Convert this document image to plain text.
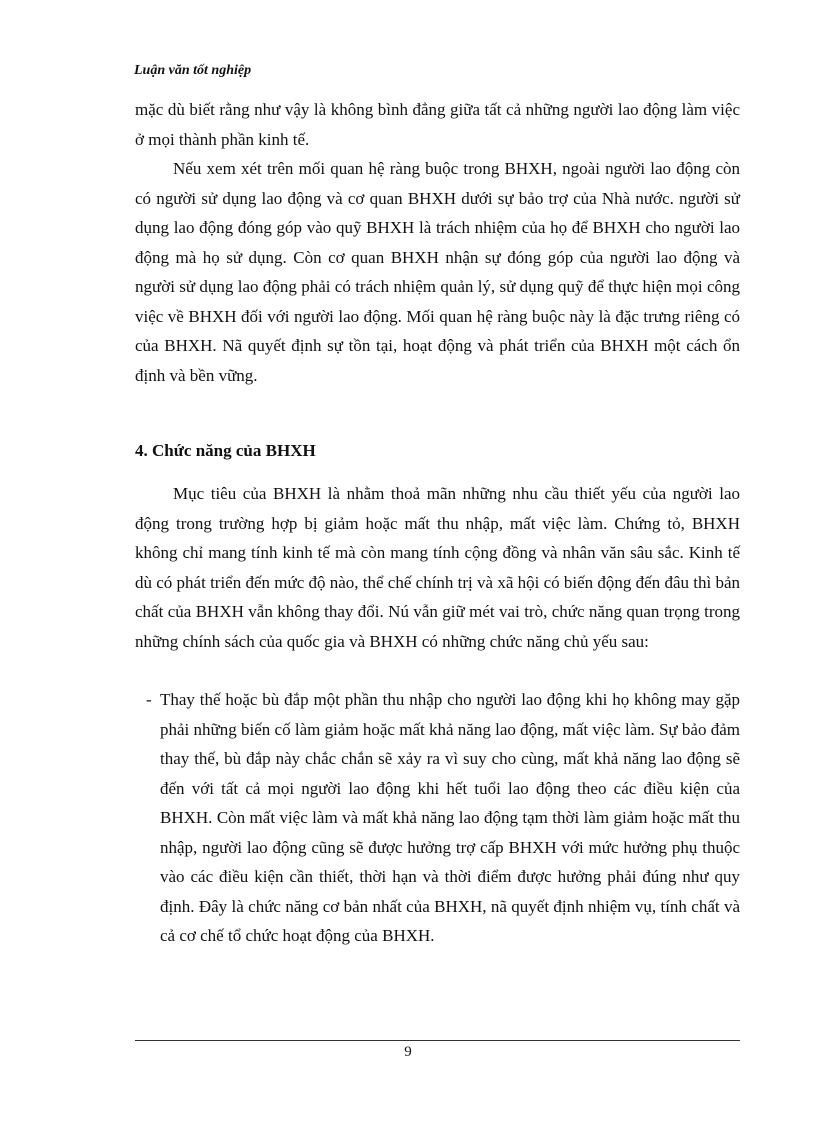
Luận văn tốt nghiệp

mặc dù biết rằng như vậy là không bình đẳng giữa tất cả những người lao động làm việc ở mọi thành phần kinh tế.

Nếu xem xét trên mối quan hệ ràng buộc trong BHXH, ngoài người lao động còn có người sử dụng lao động và cơ quan BHXH dưới sự bảo trợ của Nhà nước. người sử dụng lao động đóng góp vào quỹ BHXH là trách nhiệm của họ để BHXH cho người lao động mà họ sử dụng. Còn cơ quan BHXH nhận sự đóng góp của người lao động và người sử dụng lao động phải có trách nhiệm quản lý, sử dụng quỹ để thực hiện mọi công việc về BHXH đối với người lao động. Mối quan hệ ràng buộc này là đặc trưng riêng có của BHXH. Nã quyết định sự tồn tại, hoạt động và phát triển của BHXH một cách ổn định và bền vững.

4. Chức năng của BHXH

Mục tiêu của BHXH là nhằm thoả mãn những nhu cầu thiết yếu của người lao động trong trường hợp bị giảm hoặc mất thu nhập, mất việc làm. Chứng tỏ, BHXH không chỉ mang tính kinh tế mà còn mang tính cộng đồng và nhân văn sâu sắc. Kinh tế dù có phát triển đến mức độ nào, thể chế chính trị và xã hội có biến động đến đâu thì bản chất của BHXH vẫn không thay đổi. Nú vẫn giữ mét vai trò, chức năng quan trọng trong những chính sách của quốc gia và BHXH có những chức năng chủ yếu sau:

- Thay thế hoặc bù đắp một phần thu nhập cho người lao động khi họ không may gặp phải những biến cố làm giảm hoặc mất khả năng lao động, mất việc làm. Sự bảo đảm thay thế, bù đắp này chắc chắn sẽ xảy ra vì suy cho cùng, mất khả năng lao động sẽ đến với tất cả mọi người lao động khi hết tuổi lao động theo các điều kiện của BHXH. Còn mất việc làm và mất khả năng lao động tạm thời làm giảm hoặc mất thu nhập, người lao động cũng sẽ được hưởng trợ cấp BHXH với mức hưởng phụ thuộc vào các điều kiện cần thiết, thời hạn và thời điểm được hưởng phải đúng như quy định. Đây là chức năng cơ bản nhất của BHXH, nã quyết định nhiệm vụ, tính chất và cả cơ chế tổ chức hoạt động của BHXH.

9
